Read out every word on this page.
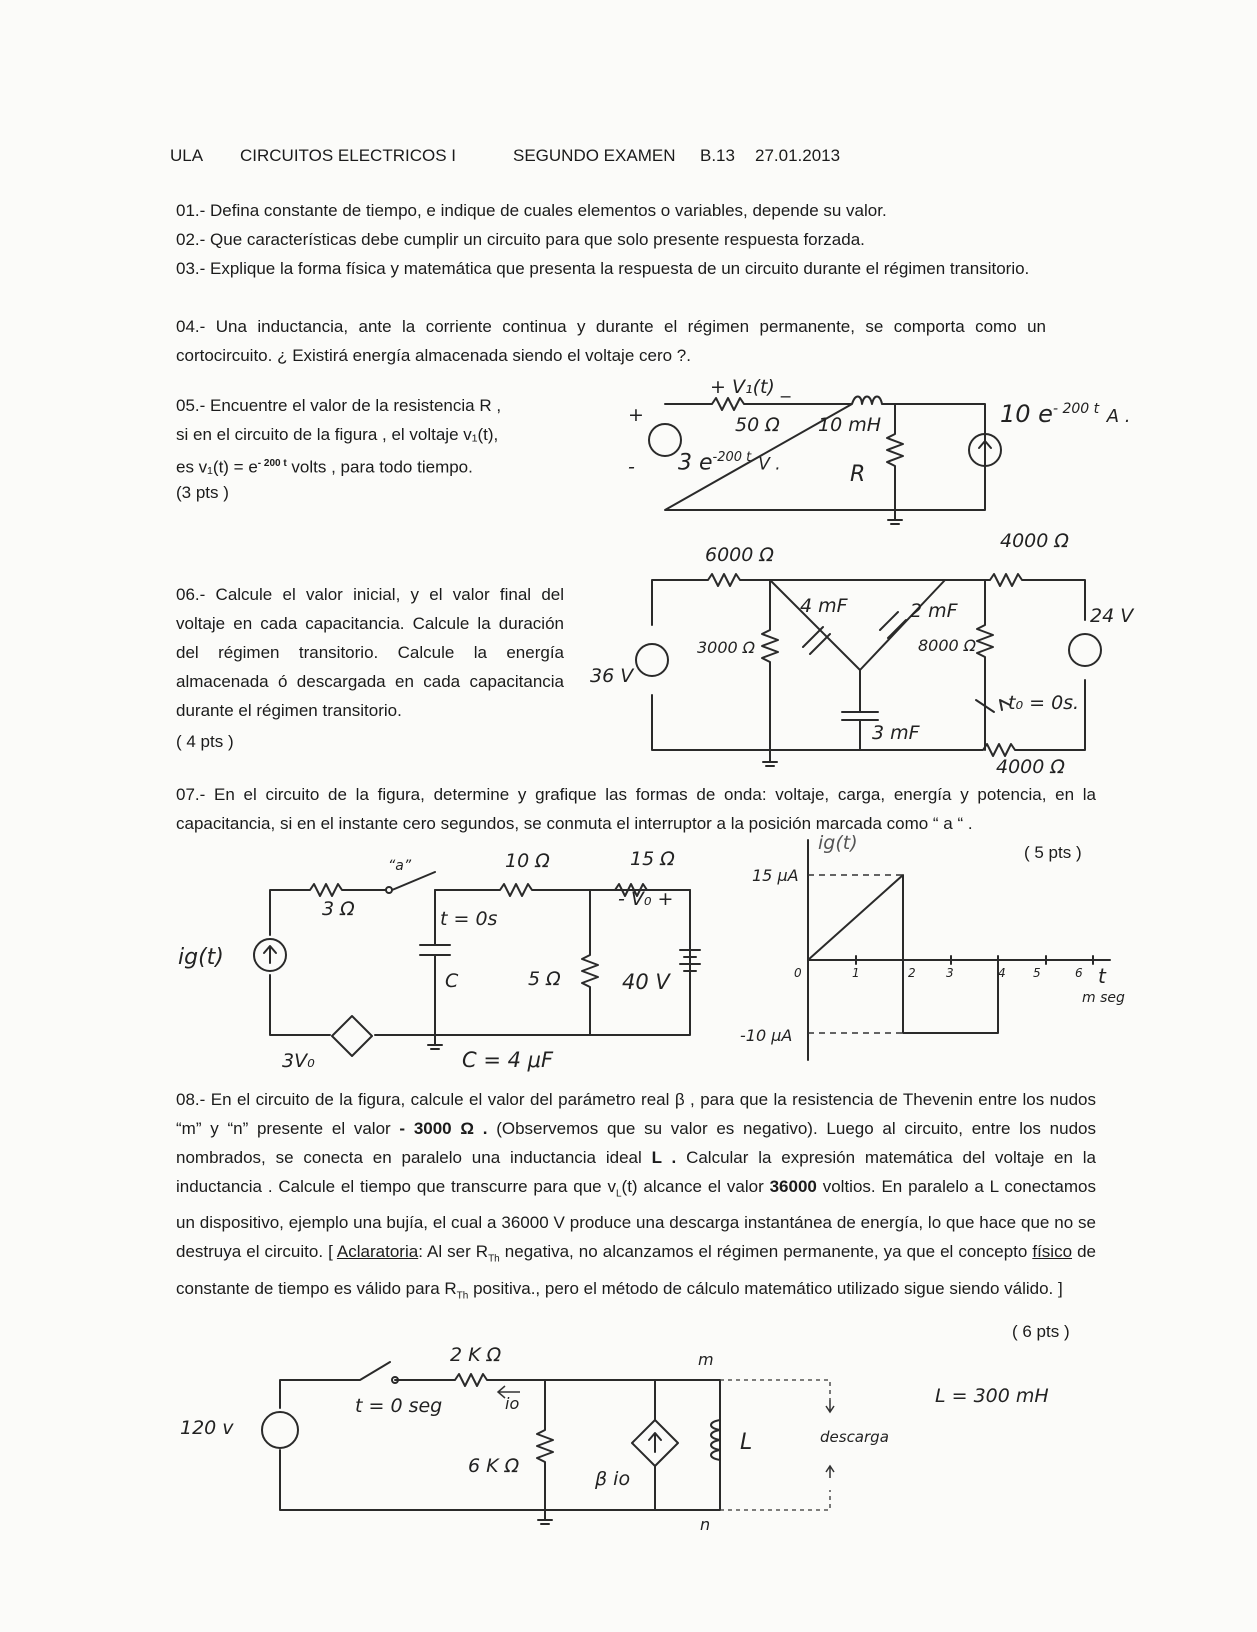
ULA CIRCUITOS ELECTRICOS I	SEGUNDO EXAMEN B.13 27.01.2013
01.- Defina constante de tiempo, e indique de cuales elementos o variables, depende su valor.
02.- Que características debe cumplir un circuito para que solo presente respuesta forzada.
03.- Explique la forma física y matemática que presenta la respuesta de un circuito durante el régimen transitorio.
04.- Una inductancia, ante la corriente continua y durante el régimen permanente, se comporta como un cortocircuito. ¿ Existirá energía almacenada siendo el voltaje cero ?.
05.- Encuentre el valor de la resistencia R ,
si en el circuito de la figura , el voltaje v₁(t),
es $v_1(t) = e^{- 200 t}$ volts , para todo tiempo.
(3 pts )
06.- Calcule el valor inicial, y el valor final del voltaje en cada capacitancia. Calcule la duración del régimen transitorio. Calcule la energía almacenada ó descargada en cada capacitancia durante el régimen transitorio.
( 4 pts )
07.- En el circuito de la figura, determine y grafique las formas de onda: voltaje, carga, energía y potencia, en la capacitancia, si en el instante cero segundos, se conmuta el interruptor a la posición marcada como “ a “ .
( 5 pts )
08.- En el circuito de la figura, calcule el valor del parámetro real β , para que la resistencia de Thevenin entre los nudos “m” y “n” presente el valor - 3000 Ω . (Observemos que su valor es negativo). Luego al circuito, entre los nudos nombrados, se conecta en paralelo una inductancia ideal L . Calcular la expresión matemática del voltaje en la inductancia . Calcule el tiempo que transcurre para que $v_L(t)$ alcance el valor 36000 voltios. En paralelo a L conectamos un dispositivo, ejemplo una bujía, el cual a 36000 V produce una descarga instantánea de energía, lo que hace que no se destruya el circuito. [ Aclaratoria: Al ser $R_{Th}$ negativa, no alcanzamos el régimen permanente, ya que el concepto físico de constante de tiempo es válido para $R_{Th}$ positiva., pero el método de cálculo matemático utilizado sigue siendo válido. ]
( 6 pts )
+ V₁(t) _
50 Ω 10 mH
+
- 3 $e^{-200 t}$ V .	R
10 $e^{- 200 t}$ A .
6000 Ω
4000 Ω
4 mF	2 mF
3000 Ω	8000 Ω
36 V
24 V
3 mF
t₀ = 0s.
4000 Ω
“a”	10 Ω	15 Ω
- V₀ +
3 Ω	t = 0s
ig(t)
C	5 Ω	40 V
3V₀	C = 4 μF
ig(t)
15 μA
-10 μA
0	1	2	3	4 5	6 t
m seg
t = 0 seg
2 K Ω
io
m
n
120 v
6 K Ω
β io
L	descarga
L = 300 mH
